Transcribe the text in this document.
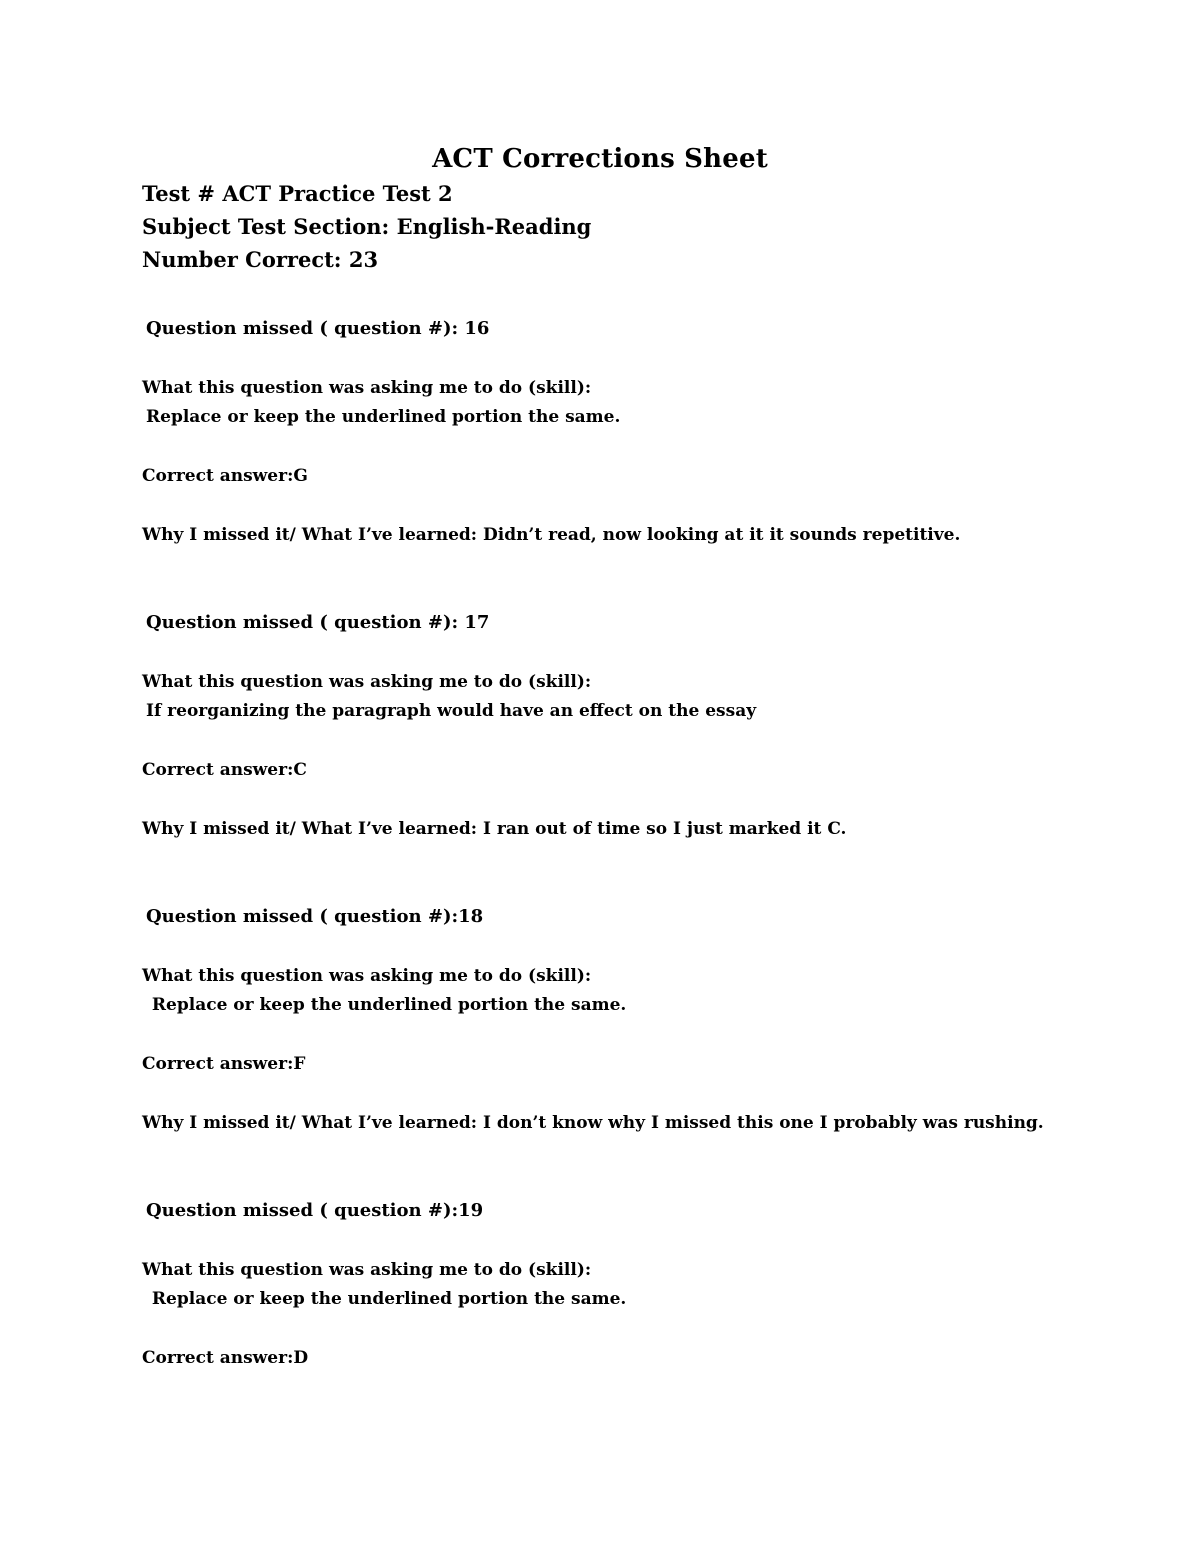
ACT Corrections Sheet
Test # ACT Practice Test 2
Subject Test Section: English-Reading
Number Correct: 23

Question missed ( question #): 16

What this question was asking me to do (skill):

Replace or keep the underlined portion the same.

Correct answer:G

Why I missed it/ What I’ve learned: Didn’t read, now looking at it it sounds repetitive.

Question missed ( question #): 17

What this question was asking me to do (skill):

If reorganizing the paragraph would have an effect on the essay

Correct answer:C

Why I missed it/ What I’ve learned: I ran out of time so I just marked it C.

Question missed ( question #):18

What this question was asking me to do (skill):

Replace or keep the underlined portion the same.

Correct answer:F

Why I missed it/ What I’ve learned: I don’t know why I missed this one I probably was rushing.

Question missed ( question #):19

What this question was asking me to do (skill):

Replace or keep the underlined portion the same.

Correct answer:D
